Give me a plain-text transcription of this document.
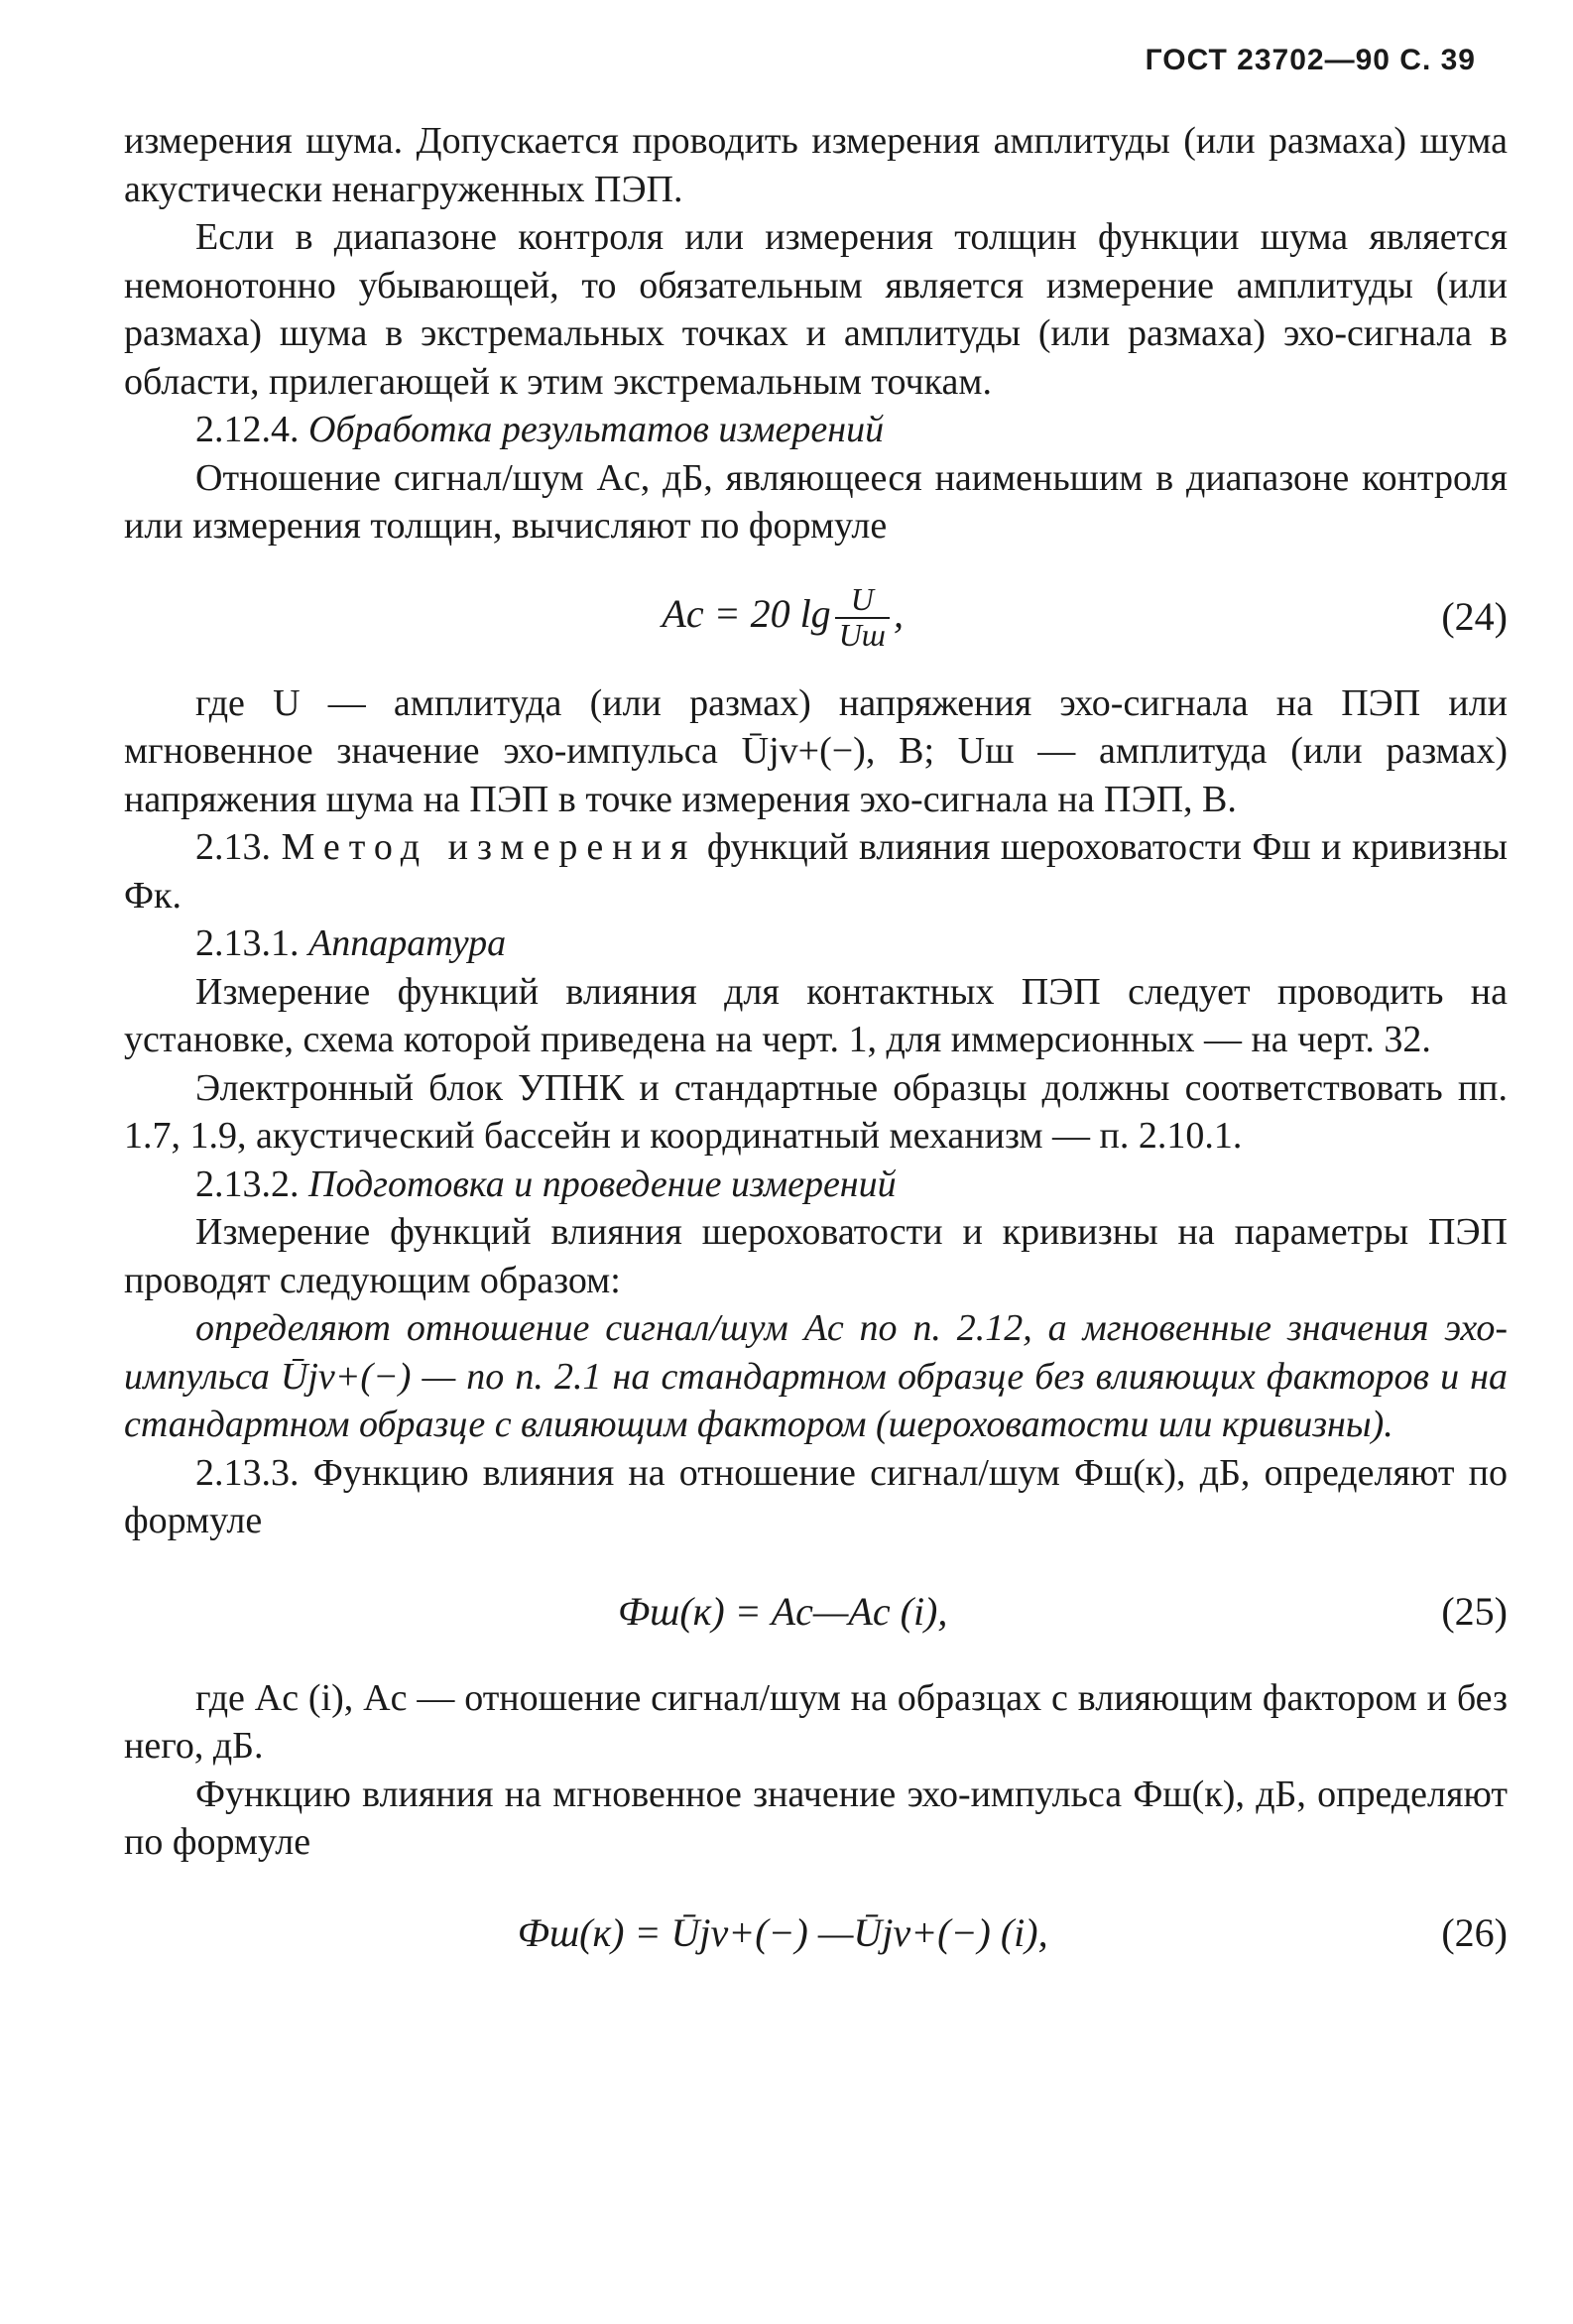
ГОСТ 23702—90 С. 39

измерения шума. Допускается проводить измерения амплитуды (или размаха) шума акустически ненагруженных ПЭП.

Если в диапазоне контроля или измерения толщин функции шума является немонотонно убывающей, то обязательным является измерение амплитуды (или размаха) шума в экстремальных точках и амплитуды (или размаха) эхо-сигнала в области, прилегающей к этим экстремальным точкам.

2.12.4. Обработка результатов измерений

Отношение сигнал/шум Aс, дБ, являющееся наименьшим в диапазоне контроля или измерения толщин, вычисляют по формуле

Aс = 20 $\lg \frac{U}{Uш}$ ,	(24)

где U — амплитуда (или размах) напряжения эхо-сигнала на ПЭП или мгновенное значение эхо-импульса Ūjv+(−), В; Uш — амплитуда (или размах) напряжения шума на ПЭП в точке измерения эхо-сигнала на ПЭП, В.

2.13. Метод измерения функций влияния шероховатости Фш и кривизны Фк.

2.13.1. Аппаратура

Измерение функций влияния для контактных ПЭП следует проводить на установке, схема которой приведена на черт. 1, для иммерсионных — на черт. 32.

Электронный блок УПНК и стандартные образцы должны соответствовать пп. 1.7, 1.9, акустический бассейн и координатный механизм — п. 2.10.1.

2.13.2. Подготовка и проведение измерений

Измерение функций влияния шероховатости и кривизны на параметры ПЭП проводят следующим образом:

определяют отношение сигнал/шум Aс по п. 2.12, а мгновенные значения эхо-импульса Ūjv+(−) — по п. 2.1 на стандартном образце без влияющих факторов и на стандартном образце с влияющим фактором (шероховатости или кривизны).

2.13.3. Функцию влияния на отношение сигнал/шум Фш(к), дБ, определяют по формуле

Фш(к) = Aс—Aс (i),	(25)

где Aс (i), Aс — отношение сигнал/шум на образцах с влияющим фактором и без него, дБ.

Функцию влияния на мгновенное значение эхо-импульса Фш(к), дБ, определяют по формуле

Фш(к) = Ūjv+(−) —Ūjv+(−) (i),	(26)
